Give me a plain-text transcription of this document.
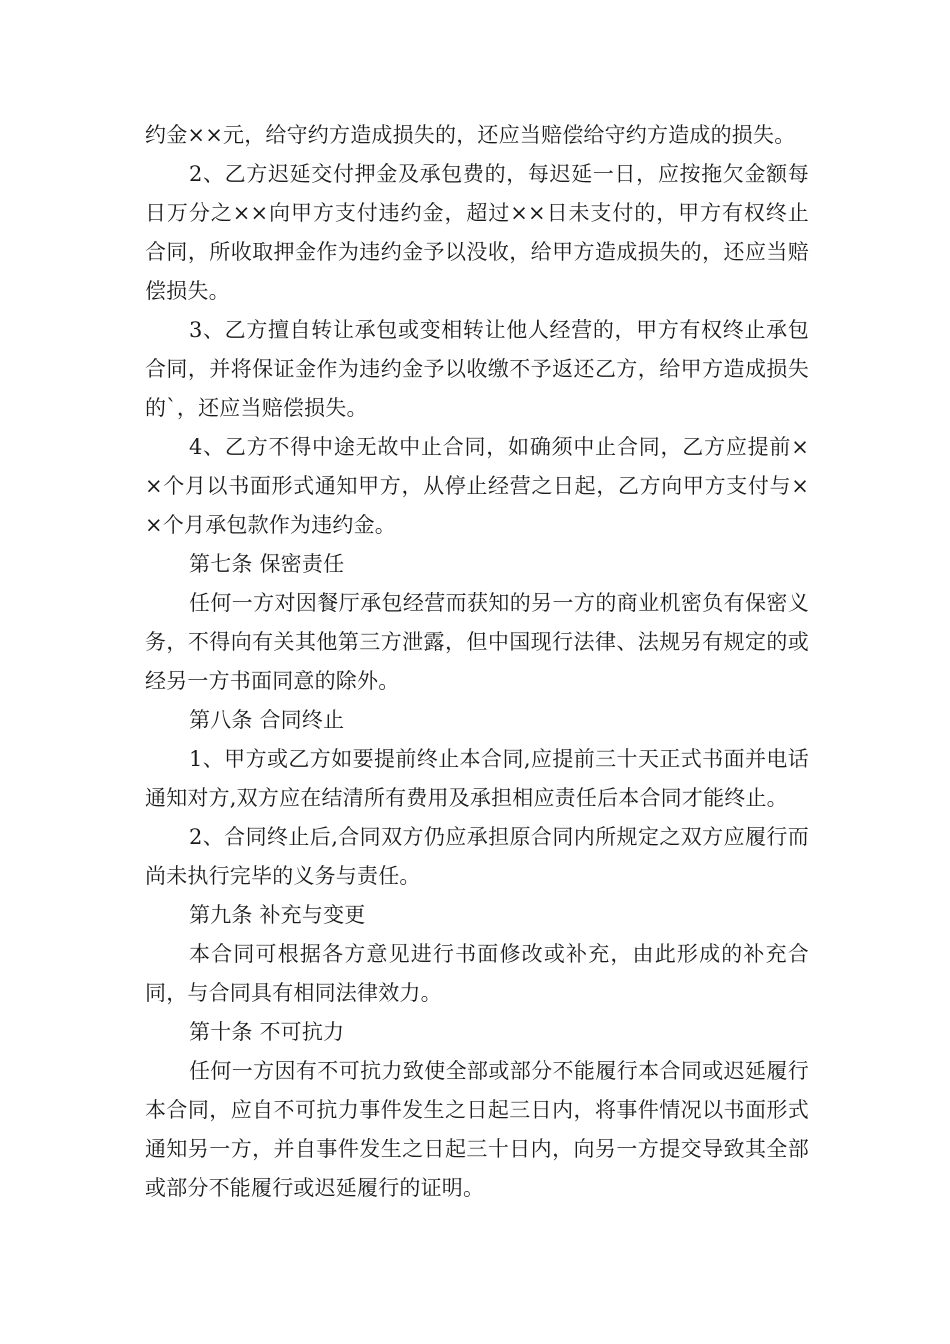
约金××元，给守约方造成损失的，还应当赔偿给守约方造成的损失。

2、乙方迟延交付押金及承包费的，每迟延一日，应按拖欠金额每日万分之××向甲方支付违约金，超过××日未支付的，甲方有权终止合同，所收取押金作为违约金予以没收，给甲方造成损失的，还应当赔偿损失。

3、乙方擅自转让承包或变相转让他人经营的，甲方有权终止承包合同，并将保证金作为违约金予以收缴不予返还乙方，给甲方造成损失的`，还应当赔偿损失。

4、乙方不得中途无故中止合同，如确须中止合同，乙方应提前××个月以书面形式通知甲方，从停止经营之日起，乙方向甲方支付与××个月承包款作为违约金。

第七条 保密责任

任何一方对因餐厅承包经营而获知的另一方的商业机密负有保密义务，不得向有关其他第三方泄露，但中国现行法律、法规另有规定的或经另一方书面同意的除外。

第八条 合同终止

1、甲方或乙方如要提前终止本合同,应提前三十天正式书面并电话通知对方,双方应在结清所有费用及承担相应责任后本合同才能终止。

2、合同终止后,合同双方仍应承担原合同内所规定之双方应履行而尚未执行完毕的义务与责任。

第九条 补充与变更

本合同可根据各方意见进行书面修改或补充，由此形成的补充合同，与合同具有相同法律效力。

第十条 不可抗力

任何一方因有不可抗力致使全部或部分不能履行本合同或迟延履行本合同，应自不可抗力事件发生之日起三日内，将事件情况以书面形式通知另一方，并自事件发生之日起三十日内，向另一方提交导致其全部或部分不能履行或迟延履行的证明。
